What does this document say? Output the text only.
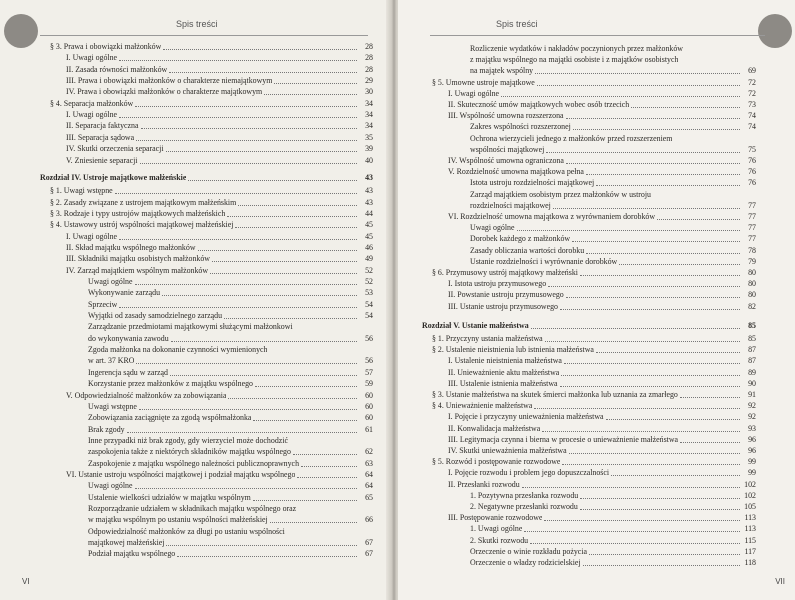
Spis treści
§ 3. Prawa i obowiązki małżonków	28
I. Uwagi ogólne	28
II. Zasada równości małżonków	28
III. Prawa i obowiązki małżonków o charakterze niemajątkowym	29
IV. Prawa i obowiązki małżonków o charakterze majątkowym	30
§ 4. Separacja małżonków	34
I. Uwagi ogólne	34
II. Separacja faktyczna	34
III. Separacja sądowa	35
IV. Skutki orzeczenia separacji	39
V. Zniesienie separacji	40
Rozdział IV. Ustroje majątkowe małżeńskie	43
§ 1. Uwagi wstępne	43
§ 2. Zasady związane z ustrojem majątkowym małżeńskim	43
§ 3. Rodzaje i typy ustrojów majątkowych małżeńskich	44
§ 4. Ustawowy ustrój wspólności majątkowej małżeńskiej	45
I. Uwagi ogólne	45
II. Skład majątku wspólnego małżonków	46
III. Składniki majątku osobistych małżonków	49
IV. Zarząd majątkiem wspólnym małżonków	52
Uwagi ogólne	52
Wykonywanie zarządu	53
Sprzeciw	54
Wyjątki od zasady samodzielnego zarządu	54
Zarządzanie przedmiotami majątkowymi służącymi małżonkowi
do wykonywania zawodu	56
Zgoda małżonka na dokonanie czynności wymienionych
w art. 37 KRO	56
Ingerencja sądu w zarząd	57
Korzystanie przez małżonków z majątku wspólnego	59
V. Odpowiedzialność małżonków za zobowiązania	60
Uwagi wstępne	60
Zobowiązania zaciągnięte za zgodą współmałżonka	60
Brak zgody	61
Inne przypadki niż brak zgody, gdy wierzyciel może dochodzić
zaspokojenia także z niektórych składników majątku wspólnego	62
Zaspokojenie z majątku wspólnego należności publicznoprawnych	63
VI. Ustanie ustroju wspólności majątkowej i podział majątku wspólnego	64
Uwagi ogólne	64
Ustalenie wielkości udziałów w majątku wspólnym	65
Rozporządzanie udziałem w składnikach majątku wspólnego oraz
w majątku wspólnym po ustaniu wspólności małżeńskiej	66
Odpowiedzialność małżonków za długi po ustaniu wspólności
majątkowej małżeńskiej	67
Podział majątku wspólnego	67
VI
Spis treści
Rozliczenie wydatków i nakładów poczynionych przez małżonków
z majątku wspólnego na majątki osobiste i z majątków osobistych
na majątek wspólny	69
§ 5. Umowne ustroje majątkowe	72
I. Uwagi ogólne	72
II. Skuteczność umów majątkowych wobec osób trzecich	73
III. Wspólność umowna rozszerzona	74
Zakres wspólności rozszerzonej	74
Ochrona wierzycieli jednego z małżonków przed rozszerzeniem
wspólności majątkowej	75
IV. Wspólność umowna ograniczona	76
V. Rozdzielność umowna majątkowa pełna	76
Istota ustroju rozdzielności majątkowej	76
Zarząd majątkiem osobistym przez małżonków w ustroju
rozdzielności majątkowej	77
VI. Rozdzielność umowna majątkowa z wyrównaniem dorobków	77
Uwagi ogólne	77
Dorobek każdego z małżonków	77
Zasady obliczania wartości dorobku	78
Ustanie rozdzielności i wyrównanie dorobków	79
§ 6. Przymusowy ustrój majątkowy małżeński	80
I. Istota ustroju przymusowego	80
II. Powstanie ustroju przymusowego	80
III. Ustanie ustroju przymusowego	82
Rozdział V. Ustanie małżeństwa	85
§ 1. Przyczyny ustania małżeństwa	85
§ 2. Ustalenie nieistnienia lub istnienia małżeństwa	87
I. Ustalenie nieistnienia małżeństwa	87
II. Unieważnienie aktu małżeństwa	89
III. Ustalenie istnienia małżeństwa	90
§ 3. Ustanie małżeństwa na skutek śmierci małżonka lub uznania za zmarłego	91
§ 4. Unieważnienie małżeństwa	92
I. Pojęcie i przyczyny unieważnienia małżeństwa	92
II. Konwalidacja małżeństwa	93
III. Legitymacja czynna i bierna w procesie o unieważnienie małżeństwa	96
IV. Skutki unieważnienia małżeństwa	96
§ 5. Rozwód i postępowanie rozwodowe	99
I. Pojęcie rozwodu i problem jego dopuszczalności	99
II. Przesłanki rozwodu	102
1. Pozytywna przesłanka rozwodu	102
2. Negatywne przesłanki rozwodu	105
III. Postępowanie rozwodowe	113
1. Uwagi ogólne	113
2. Skutki rozwodu	115
Orzeczenie o winie rozkładu pożycia	117
Orzeczenie o władzy rodzicielskiej	118
VII
